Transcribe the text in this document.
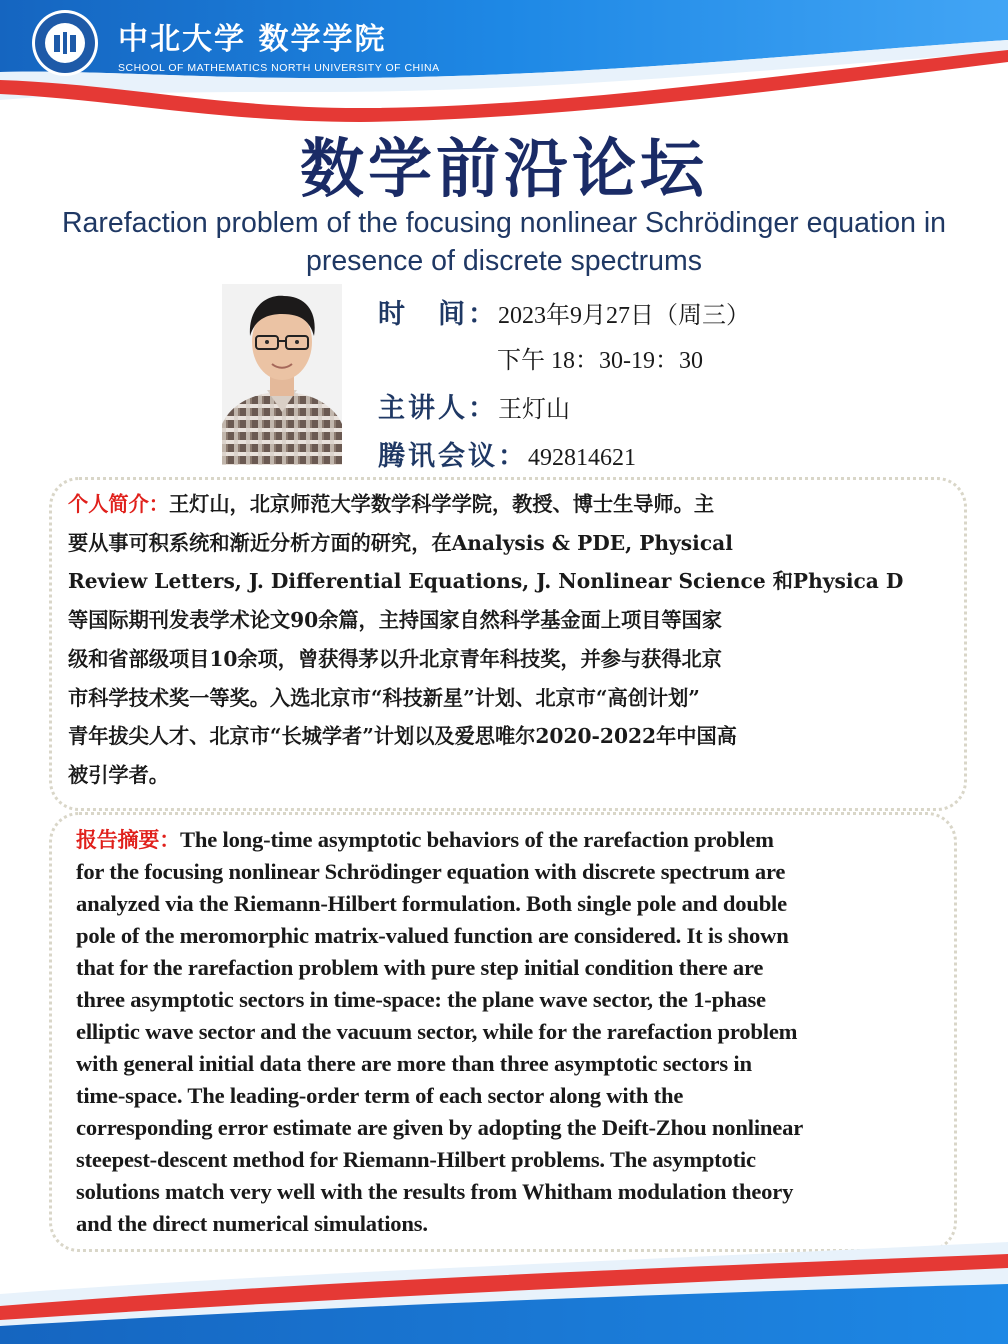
中北大学 数学学院
SCHOOL OF MATHEMATICS NORTH UNIVERSITY OF CHINA
数学前沿论坛
Rarefaction problem of the focusing nonlinear Schrödinger equation in presence of discrete spectrums
时　间：2023年9月27日（周三）
下午 18：30-19：30
主讲人：王灯山
腾讯会议：492814621
个人简介：王灯山，北京师范大学数学科学学院，教授、博士生导师。主
要从事可积系统和渐近分析方面的研究，在Analysis & PDE, Physical
Review Letters, J. Differential Equations, J. Nonlinear Science 和Physica D
等国际期刊发表学术论文90余篇，主持国家自然科学基金面上项目等国家
级和省部级项目10余项，曾获得茅以升北京青年科技奖，并参与获得北京
市科学技术奖一等奖。入选北京市“科技新星”计划、北京市“高创计划”
青年拔尖人才、北京市“长城学者”计划以及爱思唯尔2020-2022年中国高
被引学者。
报告摘要：The long-time asymptotic behaviors of the rarefaction problem
for the focusing nonlinear Schrödinger equation with discrete spectrum are
analyzed via the Riemann-Hilbert formulation. Both single pole and double
pole of the meromorphic matrix-valued function are considered. It is shown
that for the rarefaction problem with pure step initial condition there are
three asymptotic sectors in time-space: the plane wave sector, the 1-phase
elliptic wave sector and the vacuum sector, while for the rarefaction problem
with general initial data there are more than three asymptotic sectors in
time-space. The leading-order term of each sector along with the
corresponding error estimate are given by adopting the Deift-Zhou nonlinear
steepest-descent method for Riemann-Hilbert problems. The asymptotic
solutions match very well with the results from Whitham modulation theory
and the direct numerical simulations.
